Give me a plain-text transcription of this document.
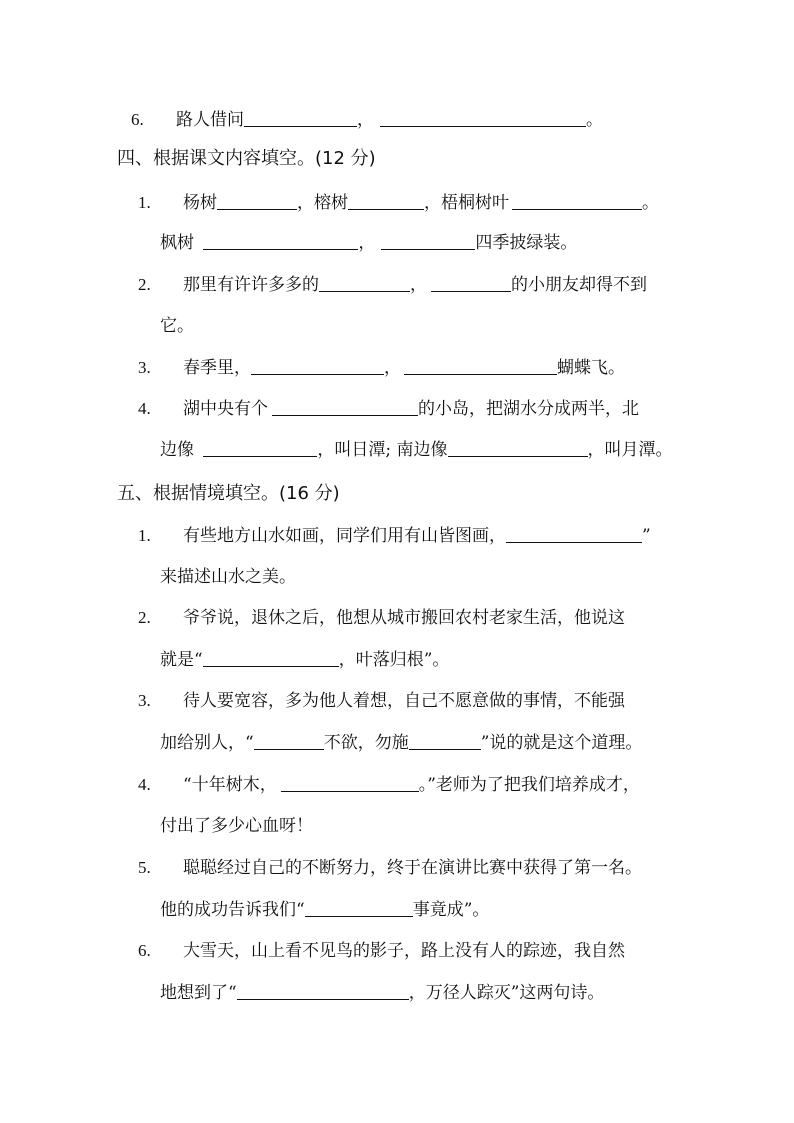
6. 路人借问	，	。
四、根据课文内容填空。(12 分)
1. 杨树	，榕树	，梧桐树叶	。
枫树	，	四季披绿装。
2. 那里有许许多多的	，	的小朋友却得不到
它。
3. 春季里，	，	蝴蝶飞。
4. 湖中央有个	的小岛，把湖水分成两半，北
边像	，叫日潭; 南边像	，叫月潭。
五、根据情境填空。(16 分)
1. 有些地方山水如画，同学们用有山皆图画，	”
来描述山水之美。
2. 爷爷说，退休之后，他想从城市搬回农村老家生活，他说这
就是“	，叶落归根”。
3. 待人要宽容，多为他人着想，自己不愿意做的事情，不能强
加给别人，“	不欲，勿施	”说的就是这个道理。
4. “十年树木，	。”老师为了把我们培养成才，
付出了多少心血呀！
5. 聪聪经过自己的不断努力，终于在演讲比赛中获得了第一名。
他的成功告诉我们“	事竟成”。
6. 大雪天，山上看不见鸟的影子，路上没有人的踪迹，我自然
地想到了“	，万径人踪灭”这两句诗。
